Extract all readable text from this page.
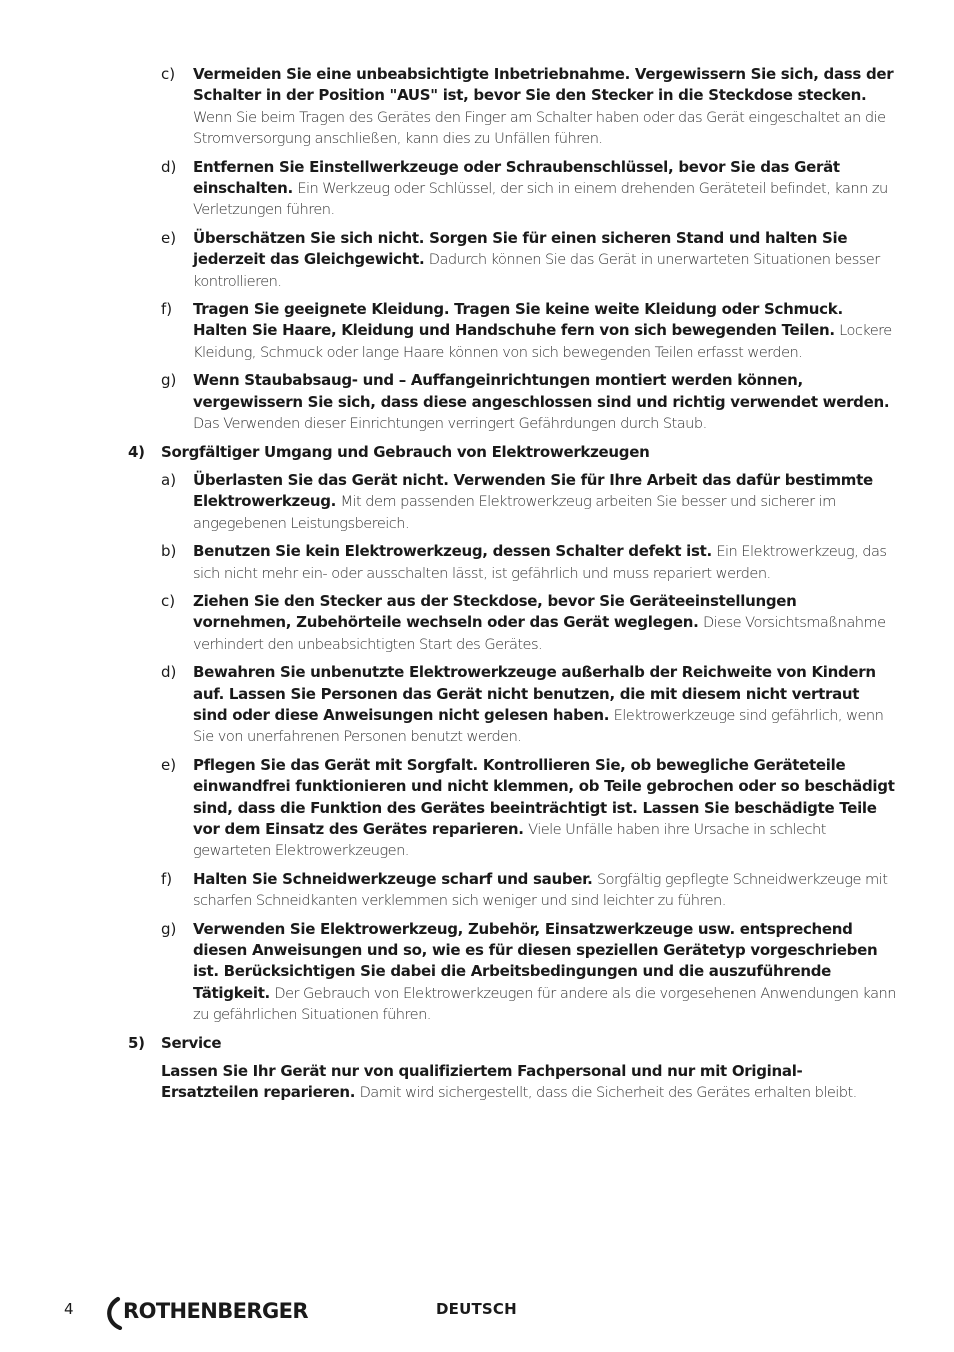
c) Vermeiden Sie eine unbeabsichtigte Inbetriebnahme. Vergewissern Sie sich, dass der Schalter in der Position "AUS" ist, bevor Sie den Stecker in die Steckdose stecken. Wenn Sie beim Tragen des Gerätes den Finger am Schalter haben oder das Gerät eingeschaltet an die Stromversorgung anschließen, kann dies zu Unfällen führen.
d) Entfernen Sie Einstellwerkzeuge oder Schraubenschlüssel, bevor Sie das Gerät einschalten. Ein Werkzeug oder Schlüssel, der sich in einem drehenden Geräteteil befindet, kann zu Verletzungen führen.
e) Überschätzen Sie sich nicht. Sorgen Sie für einen sicheren Stand und halten Sie jederzeit das Gleichgewicht. Dadurch können Sie das Gerät in unerwarteten Situationen besser kontrollieren.
f) Tragen Sie geeignete Kleidung. Tragen Sie keine weite Kleidung oder Schmuck. Halten Sie Haare, Kleidung und Handschuhe fern von sich bewegenden Teilen. Lockere Kleidung, Schmuck oder lange Haare können von sich bewegenden Teilen erfasst werden.
g) Wenn Staubabsaug- und – Auffangeinrichtungen montiert werden können, vergewissern Sie sich, dass diese angeschlossen sind und richtig verwendet werden. Das Verwenden dieser Einrichtungen verringert Gefährdungen durch Staub.
4) Sorgfältiger Umgang und Gebrauch von Elektrowerkzeugen
a) Überlasten Sie das Gerät nicht. Verwenden Sie für Ihre Arbeit das dafür bestimmte Elektrowerkzeug. Mit dem passenden Elektrowerkzeug arbeiten Sie besser und sicherer im angegebenen Leistungsbereich.
b) Benutzen Sie kein Elektrowerkzeug, dessen Schalter defekt ist. Ein Elektrowerkzeug, das sich nicht mehr ein- oder ausschalten lässt, ist gefährlich und muss repariert werden.
c) Ziehen Sie den Stecker aus der Steckdose, bevor Sie Geräteeinstellungen vornehmen, Zubehörteile wechseln oder das Gerät weglegen. Diese Vorsichtsmaßnahme verhindert den unbeabsichtigten Start des Gerätes.
d) Bewahren Sie unbenutzte Elektrowerkzeuge außerhalb der Reichweite von Kindern auf. Lassen Sie Personen das Gerät nicht benutzen, die mit diesem nicht vertraut sind oder diese Anweisungen nicht gelesen haben. Elektrowerkzeuge sind gefährlich, wenn Sie von unerfahrenen Personen benutzt werden.
e) Pflegen Sie das Gerät mit Sorgfalt. Kontrollieren Sie, ob bewegliche Geräteteile einwandfrei funktionieren und nicht klemmen, ob Teile gebrochen oder so beschädigt sind, dass die Funktion des Gerätes beeinträchtigt ist. Lassen Sie beschädigte Teile vor dem Einsatz des Gerätes reparieren. Viele Unfälle haben ihre Ursache in schlecht gewarteten Elektrowerkzeugen.
f) Halten Sie Schneidwerkzeuge scharf und sauber. Sorgfältig gepflegte Schneidwerkzeuge mit scharfen Schneidkanten verklemmen sich weniger und sind leichter zu führen.
g) Verwenden Sie Elektrowerkzeug, Zubehör, Einsatzwerkzeuge usw. entsprechend diesen Anweisungen und so, wie es für diesen speziellen Gerätetyp vorgeschrieben ist. Berücksichtigen Sie dabei die Arbeitsbedingungen und die auszuführende Tätigkeit. Der Gebrauch von Elektrowerkzeugen für andere als die vorgesehenen Anwendungen kann zu gefährlichen Situationen führen.
5) Service
Lassen Sie Ihr Gerät nur von qualifiziertem Fachpersonal und nur mit Original-Ersatzteilen reparieren. Damit wird sichergestellt, dass die Sicherheit des Gerätes erhalten bleibt.
4 ROTHENBERGER	DEUTSCH
